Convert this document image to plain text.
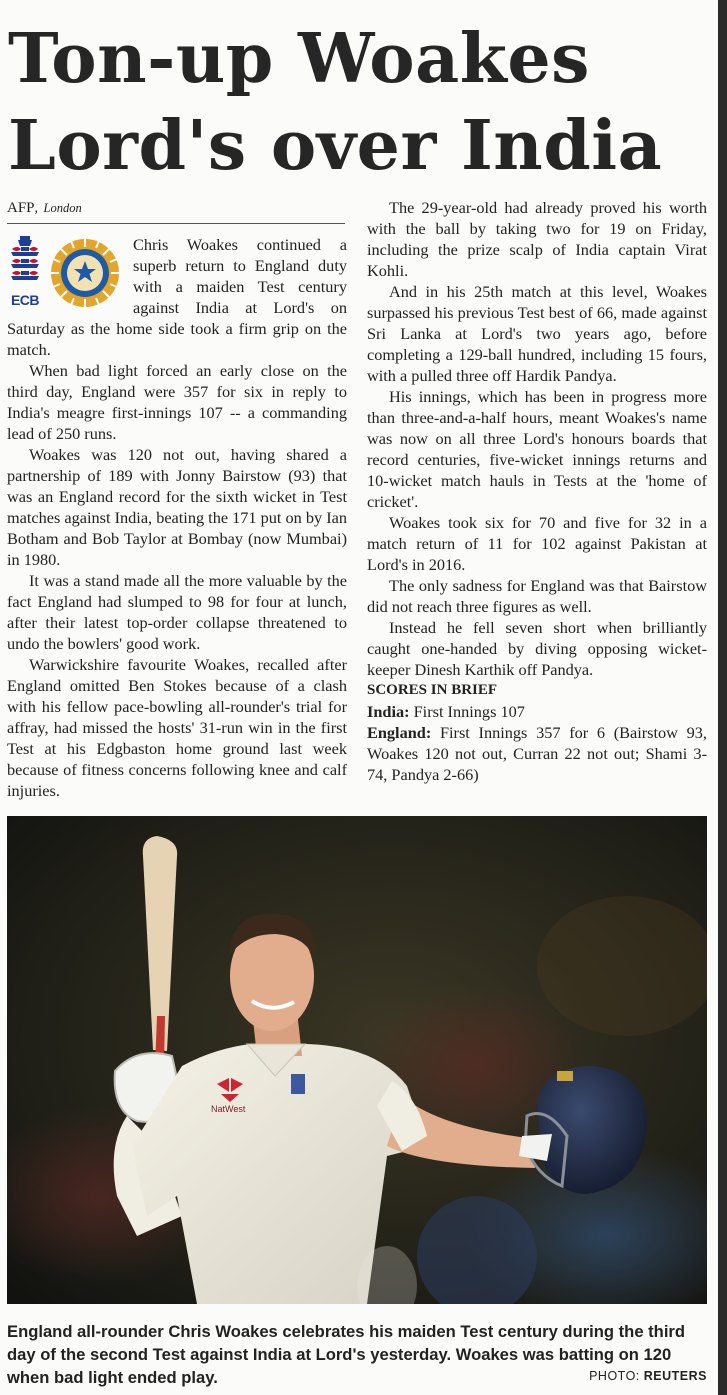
Ton-up Woakes
Lord's over India
AFP, London
ECB

Chris Woakes continued a superb return to England duty with a maiden Test century against India at Lord's on Saturday as the home side took a firm grip on the match.

When bad light forced an early close on the third day, England were 357 for six in reply to India's meagre first-innings 107 -- a commanding lead of 250 runs.

Woakes was 120 not out, having shared a partnership of 189 with Jonny Bairstow (93) that was an England record for the sixth wicket in Test matches against India, beating the 171 put on by Ian Botham and Bob Taylor at Bombay (now Mumbai) in 1980.

It was a stand made all the more valuable by the fact England had slumped to 98 for four at lunch, after their latest top-order collapse threatened to undo the bowlers' good work.

Warwickshire favourite Woakes, recalled after England omitted Ben Stokes because of a clash with his fellow pace-bowling all-rounder's trial for affray, had missed the hosts' 31-run win in the first Test at his Edgbaston home ground last week because of fitness concerns following knee and calf injuries.

The 29-year-old had already proved his worth with the ball by taking two for 19 on Friday, including the prize scalp of India captain Virat Kohli.

And in his 25th match at this level, Woakes surpassed his previous Test best of 66, made against Sri Lanka at Lord's two years ago, before completing a 129-ball hundred, including 15 fours, with a pulled three off Hardik Pandya.

His innings, which has been in progress more than three-and-a-half hours, meant Woakes's name was now on all three Lord's honours boards that record centuries, five-wicket innings returns and 10-wicket match hauls in Tests at the 'home of cricket'.

Woakes took six for 70 and five for 32 in a match return of 11 for 102 against Pakistan at Lord's in 2016.

The only sadness for England was that Bairstow did not reach three figures as well.

Instead he fell seven short when brilliantly caught one-handed by diving opposing wicket-keeper Dinesh Karthik off Pandya.

SCORES IN BRIEF

India: First Innings 107

England: First Innings 357 for 6 (Bairstow 93, Woakes 120 not out, Curran 22 not out; Shami 3-74, Pandya 2-66)

NatWest

England all-rounder Chris Woakes celebrates his maiden Test century during the third day of the second Test against India at Lord's yesterday. Woakes was batting on 120 when bad light ended play.	PHOTO: REUTERS
